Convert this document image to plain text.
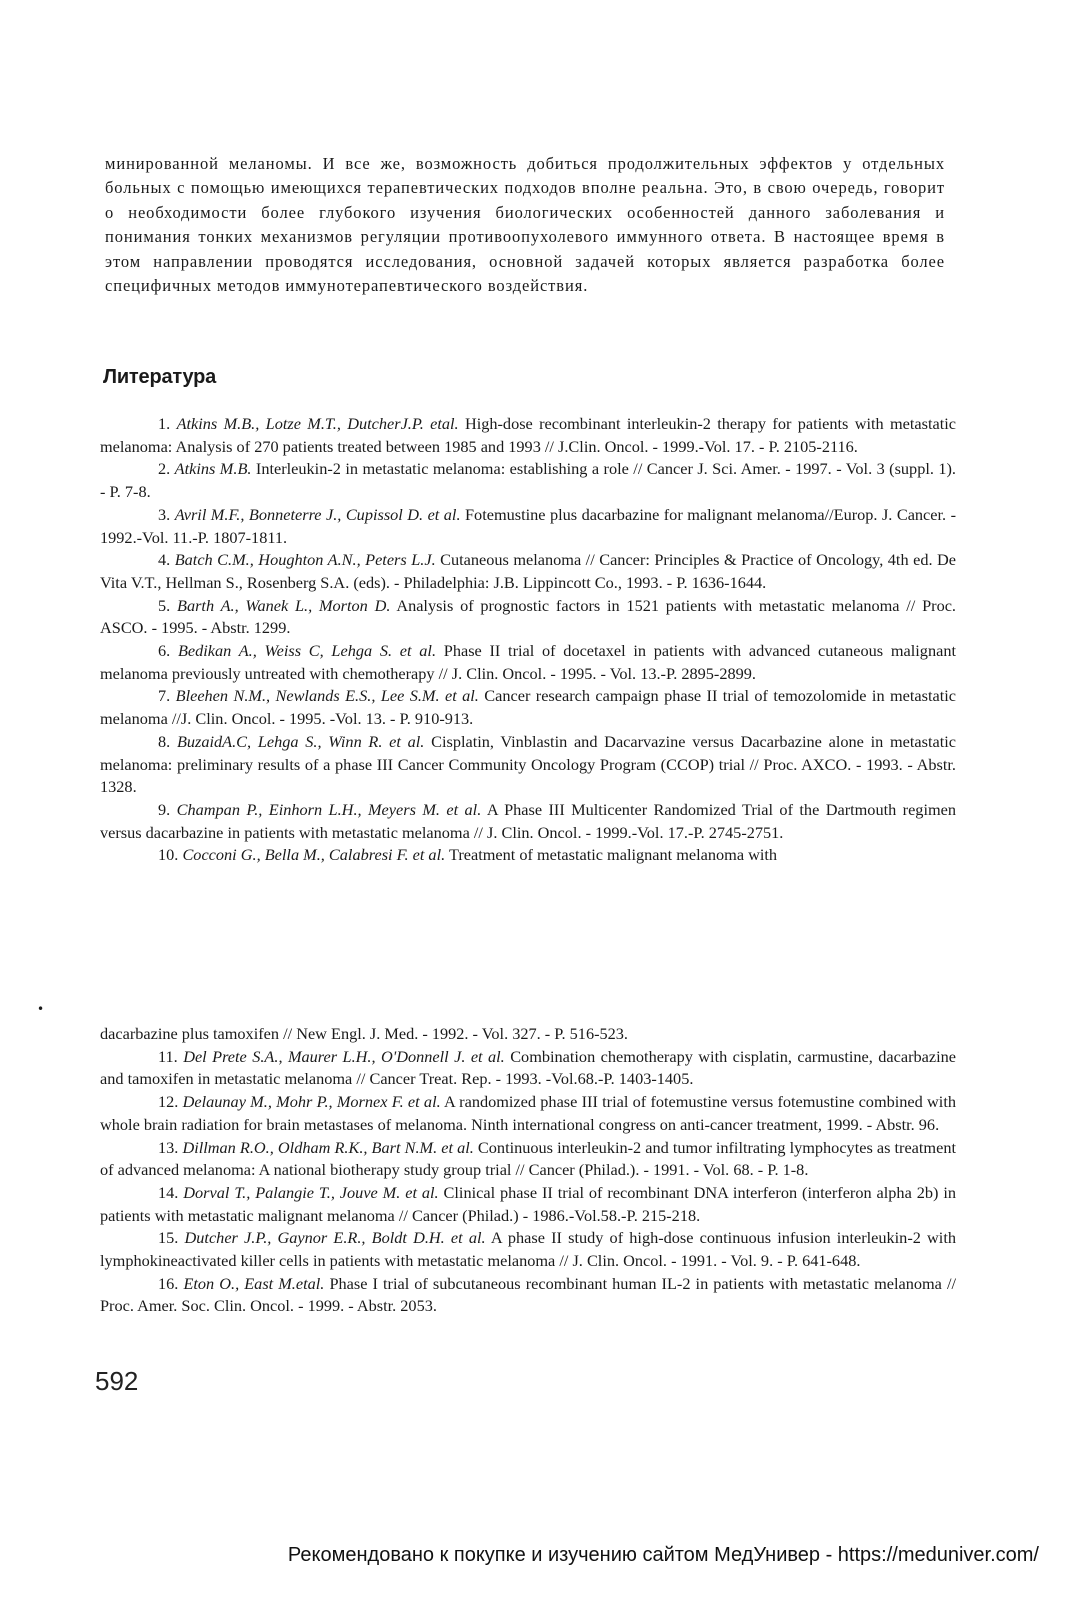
минированной меланомы. И все же, возможность добиться продолжительных эффектов у отдельных больных с помощью имеющихся терапевтических подходов вполне реальна. Это, в свою очередь, говорит о необходимости более глубокого изучения биологических особенностей данного заболевания и понимания тонких механизмов регуляции противоопухолевого иммунного ответа. В настоящее время в этом направлении проводятся исследования, основной задачей которых является разработка более специфичных методов иммунотерапевтического воздействия.

Литература

1. Atkins M.B., Lotze M.T., DutcherJ.P. etal. High-dose recombinant interleukin-2 therapy for patients with metastatic melanoma: Analysis of 270 patients treated between 1985 and 1993 // J.Clin. Oncol. - 1999.-Vol. 17. - P. 2105-2116.

2. Atkins M.B. Interleukin-2 in metastatic melanoma: establishing a role // Cancer J. Sci. Amer. - 1997. - Vol. 3 (suppl. 1). - P. 7-8.

3. Avril M.F., Bonneterre J., Cupissol D. et al. Fotemustine plus dacarbazine for malignant melanoma//Europ. J. Cancer. - 1992.-Vol. 11.-P. 1807-1811.

4. Batch C.M., Houghton A.N., Peters L.J. Cutaneous melanoma // Cancer: Principles & Practice of Oncology, 4th ed. De Vita V.T., Hellman S., Rosenberg S.A. (eds). - Philadelphia: J.B. Lippincott Co., 1993. - P. 1636-1644.

5. Barth A., Wanek L., Morton D. Analysis of prognostic factors in 1521 patients with metastatic melanoma // Proc. ASCO. - 1995. - Abstr. 1299.

6. Bedikan A., Weiss C, Lehga S. et al. Phase II trial of docetaxel in patients with advanced cutaneous malignant melanoma previously untreated with chemotherapy // J. Clin. Oncol. - 1995. - Vol. 13.-P. 2895-2899.

7. Bleehen N.M., Newlands E.S., Lee S.M. et al. Cancer research campaign phase II trial of temozolomide in metastatic melanoma //J. Clin. Oncol. - 1995. -Vol. 13. - P. 910-913.

8. BuzaidA.C, Lehga S., Winn R. et al. Cisplatin, Vinblastin and Dacarvazine versus Dacarbazine alone in metastatic melanoma: preliminary results of a phase III Cancer Community Oncology Program (CCOP) trial // Proc. AXCO. - 1993. - Abstr. 1328.

9. Champan P., Einhorn L.H., Meyers M. et al. A Phase III Multicenter Randomized Trial of the Dartmouth regimen versus dacarbazine in patients with metastatic melanoma // J. Clin. Oncol. - 1999.-Vol. 17.-P. 2745-2751.

10. Cocconi G., Bella M., Calabresi F. et al. Treatment of metastatic malignant melanoma with

•

dacarbazine plus tamoxifen // New Engl. J. Med. - 1992. - Vol. 327. - P. 516-523.

11. Del Prete S.A., Maurer L.H., O'Donnell J. et al. Combination chemotherapy with cisplatin, carmustine, dacarbazine and tamoxifen in metastatic melanoma // Cancer Treat. Rep. - 1993. -Vol.68.-P. 1403-1405.

12. Delaunay M., Mohr P., Mornex F. et al. A randomized phase III trial of fotemustine versus fotemustine combined with whole brain radiation for brain metastases of melanoma. Ninth international congress on anti-cancer treatment, 1999. - Abstr. 96.

13. Dillman R.O., Oldham R.K., Bart N.M. et al. Continuous interleukin-2 and tumor infiltrating lymphocytes as treatment of advanced melanoma: A national biotherapy study group trial // Cancer (Philad.). - 1991. - Vol. 68. - P. 1-8.

14. Dorval T., Palangie T., Jouve M. et al. Clinical phase II trial of recombinant DNA interferon (interferon alpha 2b) in patients with metastatic malignant melanoma // Cancer (Philad.) - 1986.-Vol.58.-P. 215-218.

15. Dutcher J.P., Gaynor E.R., Boldt D.H. et al. A phase II study of high-dose continuous infusion interleukin-2 with lymphokineactivated killer cells in patients with metastatic melanoma // J. Clin. Oncol. - 1991. - Vol. 9. - P. 641-648.

16. Eton O., East M.etal. Phase I trial of subcutaneous recombinant human IL-2 in patients with metastatic melanoma // Proc. Amer. Soc. Clin. Oncol. - 1999. - Abstr. 2053.

592
Рекомендовано к покупке и изучению сайтом МедУнивер - https://meduniver.com/
